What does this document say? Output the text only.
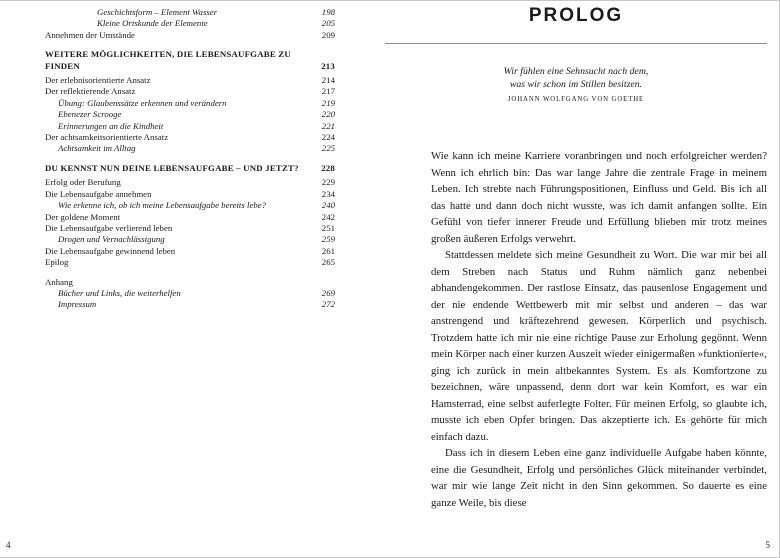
Geschichtsform – Element Wasser	198
Kleine Ortskunde der Elemente	205
Annehmen der Umstände	209
WEITERE MÖGLICHKEITEN, DIE LEBENSAUFGABE ZU FINDEN	213
Der erlebnisorientierte Ansatz	214
Der reflektierende Ansatz	217
Übung: Glaubenssätze erkennen und verändern	219
Ebenezer Scrooge	220
Erinnerungen an die Kindheit	221
Der achtsamkeitsorientierte Ansatz	224
Achtsamkeit im Alltag	225
DU KENNST NUN DEINE LEBENSAUFGABE – UND JETZT?	228
Erfolg oder Berufung	229
Die Lebensaufgabe annehmen	234
Wie erkenne ich, ob ich meine Lebensaufgabe bereits lebe?	240
Der goldene Moment	242
Die Lebensaufgabe verlierend leben	251
Drogen und Vernachlässigung	259
Die Lebensaufgabe gewinnend leben	261
Epilog	265
Anhang
Bücher und Links, die weiterhelfen	269
Impressum	272
PROLOG
Wir fühlen eine Sehnsucht nach dem,
was wir schon im Stillen besitzen.
JOHANN WOLFGANG VON GOETHE

Wie kann ich meine Karriere voranbringen und noch erfolgreicher werden? Wenn ich ehrlich bin: Das war lange Jahre die zentrale Frage in meinem Leben. Ich strebte nach Führungspositionen, Einfluss und Geld. Bis ich all das hatte und dann doch nicht wusste, was ich damit anfangen sollte. Ein Gefühl von tiefer innerer Freude und Erfüllung blieben mir trotz meines großen äußeren Erfolgs verwehrt.

Stattdessen meldete sich meine Gesundheit zu Wort. Die war mir bei all dem Streben nach Status und Ruhm nämlich ganz nebenbei abhandengekommen. Der rastlose Einsatz, das pausenlose Engagement und der nie endende Wettbewerb mit mir selbst und anderen – das war anstrengend und kräftezehrend gewesen. Körperlich und psychisch. Trotzdem hatte ich mir nie eine richtige Pause zur Erholung gegönnt. Wenn mein Körper nach einer kurzen Auszeit wieder einigermaßen »funktionierte«, ging ich zurück in mein altbekanntes System. Es als Komfortzone zu bezeichnen, wäre unpassend, denn dort war kein Komfort, es war ein Hamsterrad, eine selbst auferlegte Folter. Für meinen Erfolg, so glaubte ich, musste ich eben Opfer bringen. Das akzeptierte ich. Es gehörte für mich einfach dazu.

Dass ich in diesem Leben eine ganz individuelle Aufgabe haben könnte, eine die Gesundheit, Erfolg und persönliches Glück miteinander verbindet, war mir wie lange Zeit nicht in den Sinn gekommen. So dauerte es eine ganze Weile, bis diese

4	5
